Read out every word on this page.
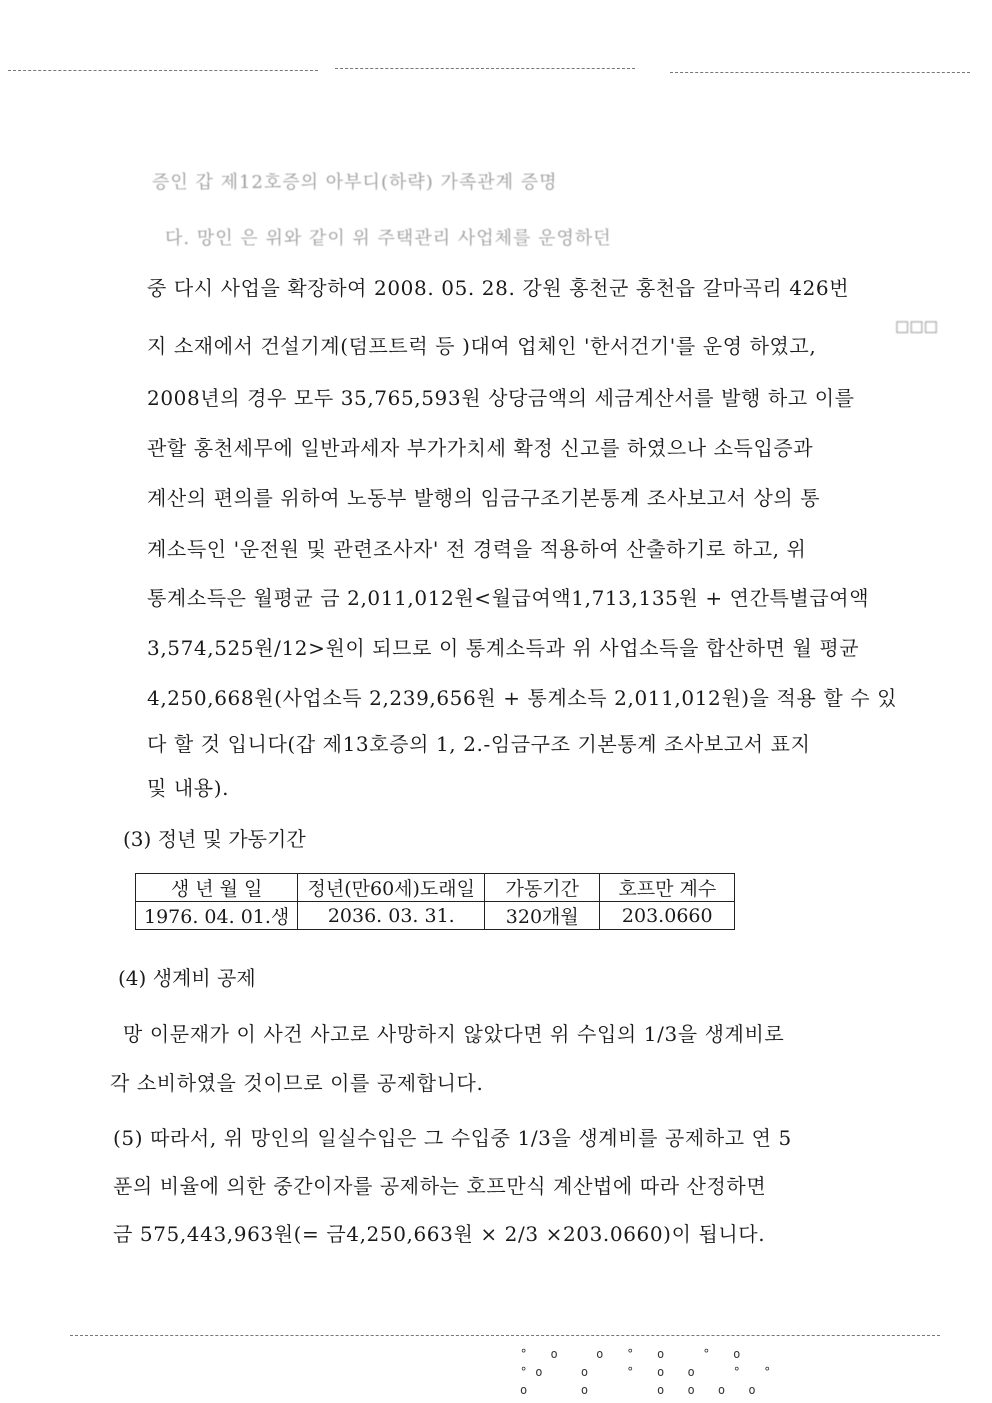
증인 갑 제12호증의 아부디(하략) 가족관계 증명
다. 망인 은 위와 같이 위 주택관리 사업체를 운영하던
☐☐☐
중 다시 사업을 확장하여 2008. 05. 28. 강원 홍천군 홍천읍 갈마곡리 426번
지 소재에서 건설기계(덤프트럭 등 )대여 업체인 '한서건기'를 운영 하였고,
2008년의 경우 모두 35,765,593원 상당금액의 세금계산서를 발행 하고 이를
관할 홍천세무에 일반과세자 부가가치세 확정 신고를 하였으나 소득입증과
계산의 편의를 위하여 노동부 발행의 임금구조기본통계 조사보고서 상의 통
계소득인 '운전원 및 관련조사자' 전 경력을 적용하여 산출하기로 하고, 위
통계소득은 월평균 금 2,011,012원<월급여액1,713,135원 + 연간특별급여액
3,574,525원/12>원이 되므로 이 통계소득과 위 사업소득을 합산하면 월 평균
4,250,668원(사업소득 2,239,656원 + 통계소득 2,011,012원)을 적용 할 수 있
다 할 것 입니다(갑 제13호증의 1, 2.-임금구조 기본통계 조사보고서 표지
및 내용).
(3) 정년 및 가동기간
생 년 월 일	정년(만60세)도래일	가동기간	호프만 계수
1976. 04. 01.생	2036. 03. 31.	320개월	203.0660
(4) 생계비 공제
망 이문재가 이 사건 사고로 사망하지 않았다면 위 수입의 1/3을 생계비로
각 소비하였을 것이므로 이를 공제합니다.
(5) 따라서, 위 망인의 일실수입은 그 수입중 1/3을 생계비를 공제하고 연 5
푼의 비율에 의한 중간이자를 공제하는 호프만식 계산법에 따라 산정하면
금 575,443,963원(= 금4,250,663원 × 2/3 ×203.0660)이 됩니다.
° o  o ° o  ° o
°o  o  ° o o  ° °
o   o    o o o o
